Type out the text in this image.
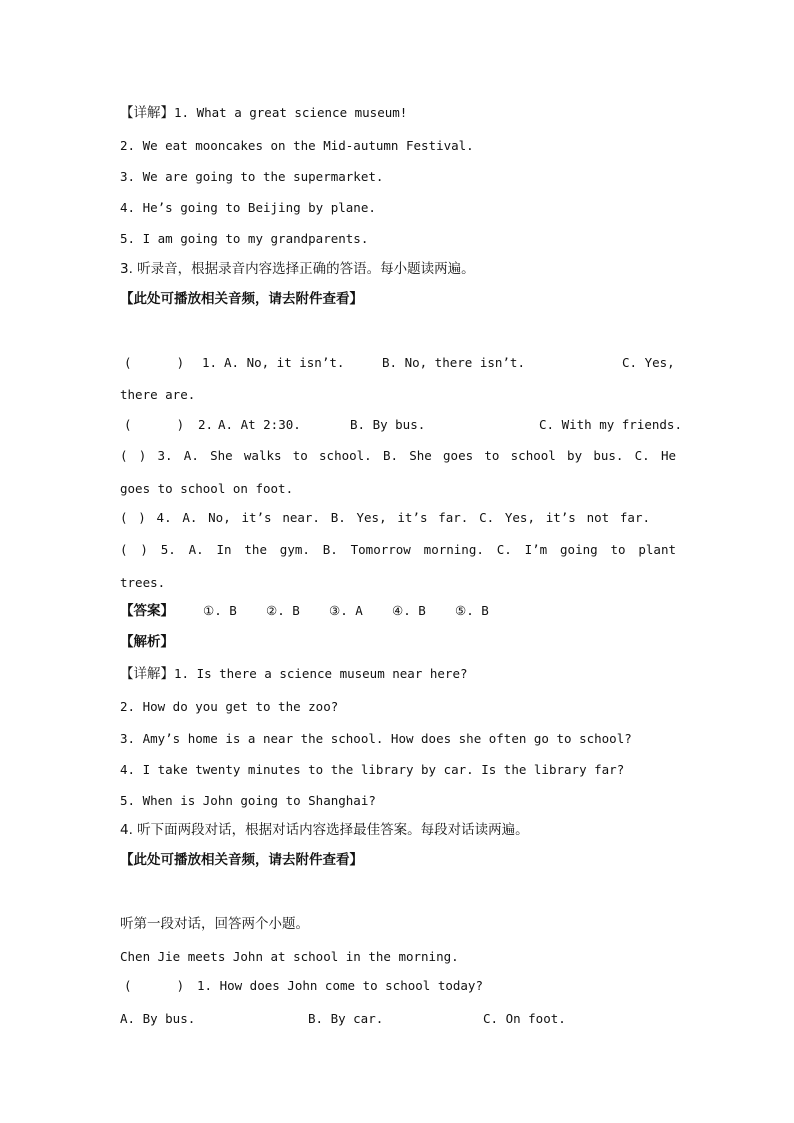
【详解】1. What a great science museum!
2. We eat mooncakes on the Mid-autumn Festival.
3. We are going to the supermarket.
4. He’s going to Beijing by plane.
5. I am going to my grandparents.
3. 听录音，根据录音内容选择正确的答语。每小题读两遍。
【此处可播放相关音频，请去附件查看】
(      ) 1. A. No, it isn’t.	B. No, there isn’t.	C. Yes,
there are.
(      ) 2. A. At 2:30.	B. By bus.	C. With my friends.
( ) 3. A. She walks to school. B. She goes to school by bus. C. He
goes to school on foot.
( ) 4. A. No, it’s near. B. Yes, it’s far. C. Yes, it’s not far.
( ) 5. A. In the gym. B. Tomorrow morning. C. I’m going to plant
trees.
【答案】 ①. B ②. B ③. A ④. B ⑤. B
【解析】
【详解】1. Is there a science museum near here?
2. How do you get to the zoo?
3. Amy’s home is a near the school. How does she often go to school?
4. I take twenty minutes to the library by car. Is the library far?
5. When is John going to Shanghai?
4. 听下面两段对话，根据对话内容选择最佳答案。每段对话读两遍。
【此处可播放相关音频，请去附件查看】
听第一段对话，回答两个小题。
Chen Jie meets John at school in the morning.
(      ) 1. How does John come to school today?
A. By bus.	B. By car.	C. On foot.
